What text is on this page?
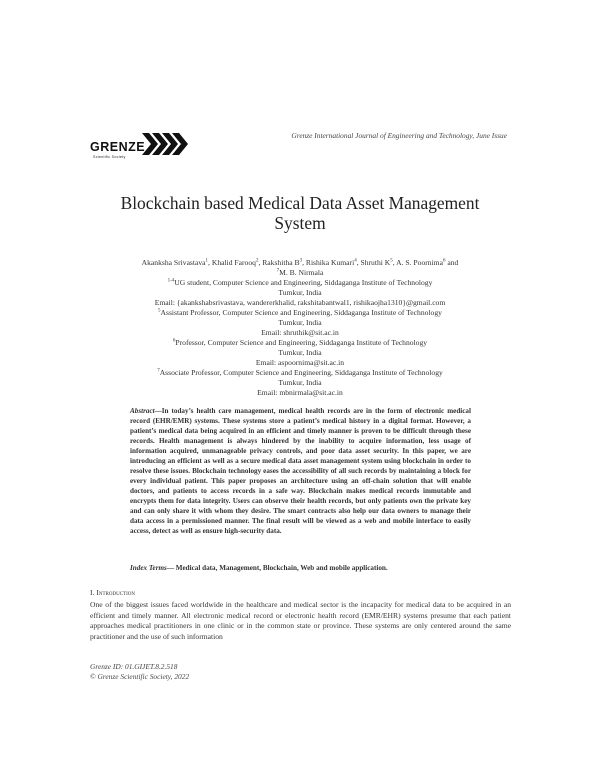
Grenze International Journal of Engineering and Technology, June Issue
GRENZE
Scientific Society
Blockchain based Medical Data Asset Management
System

Akanksha Srivastava$^1$, Khalid Farooq$^2$, Rakshitha $B^3$, Rishika Kumari$^4$, Shruthi $K^5$, A. S. Poornima$^6$ and
$^7$M. B. Nirmala

$^{1-4}$UG student, Computer Science and Engineering, Siddaganga Institute of Technology

Tumkur, India

Email: {akankshabsrivastava, wandererkhalid, rakshitabantwal1, rishikaojha1310}@gmail.com

$^5$Assistant Professor, Computer Science and Engineering, Siddaganga Institute of Technology

Tumkur, India

Email: shruthik@sit.ac.in

$^6$Professor, Computer Science and Engineering, Siddaganga Institute of Technology

Tumkur, India

Email: aspoornima@sit.ac.in

$^7$Associate Professor, Computer Science and Engineering, Siddaganga Institute of Technology

Tumkur, India

Email: mbnirmala@sit.ac.in

Abstract—In today’s health care management, medical health records are in the form of electronic medical record (EHR/EMR) systems. These systems store a patient’s medical history in a digital format. However, a patient’s medical data being acquired in an efficient and timely manner is proven to be difficult through these records. Health management is always hindered by the inability to acquire information, less usage of information acquired, unmanageable privacy controls, and poor data asset security. In this paper, we are introducing an efficient as well as a secure medical data asset management system using blockchain in order to resolve these issues. Blockchain technology eases the accessibility of all such records by maintaining a block for every individual patient. This paper proposes an architecture using an off-chain solution that will enable doctors, and patients to access records in a safe way. Blockchain makes medical records immutable and encrypts them for data integrity. Users can observe their health records, but only patients own the private key and can only share it with whom they desire. The smart contracts also help our data owners to manage their data access in a permissioned manner. The final result will be viewed as a web and mobile interface to easily access, detect as well as ensure high-security data.
Index Terms— Medical data, Management, Blockchain, Web and mobile application.
I. Introduction
One of the biggest issues faced worldwide in the healthcare and medical sector is the incapacity for medical data to be acquired in an efficient and timely manner. All electronic medical record or electronic health record (EMR/EHR) systems presume that each patient approaches medical practitioners in one clinic or in the common state or province. These systems are only centered around the same practitioner and the use of such information

Grenze ID: 01.GIJET.8.2.518

© Grenze Scientific Society, 2022
